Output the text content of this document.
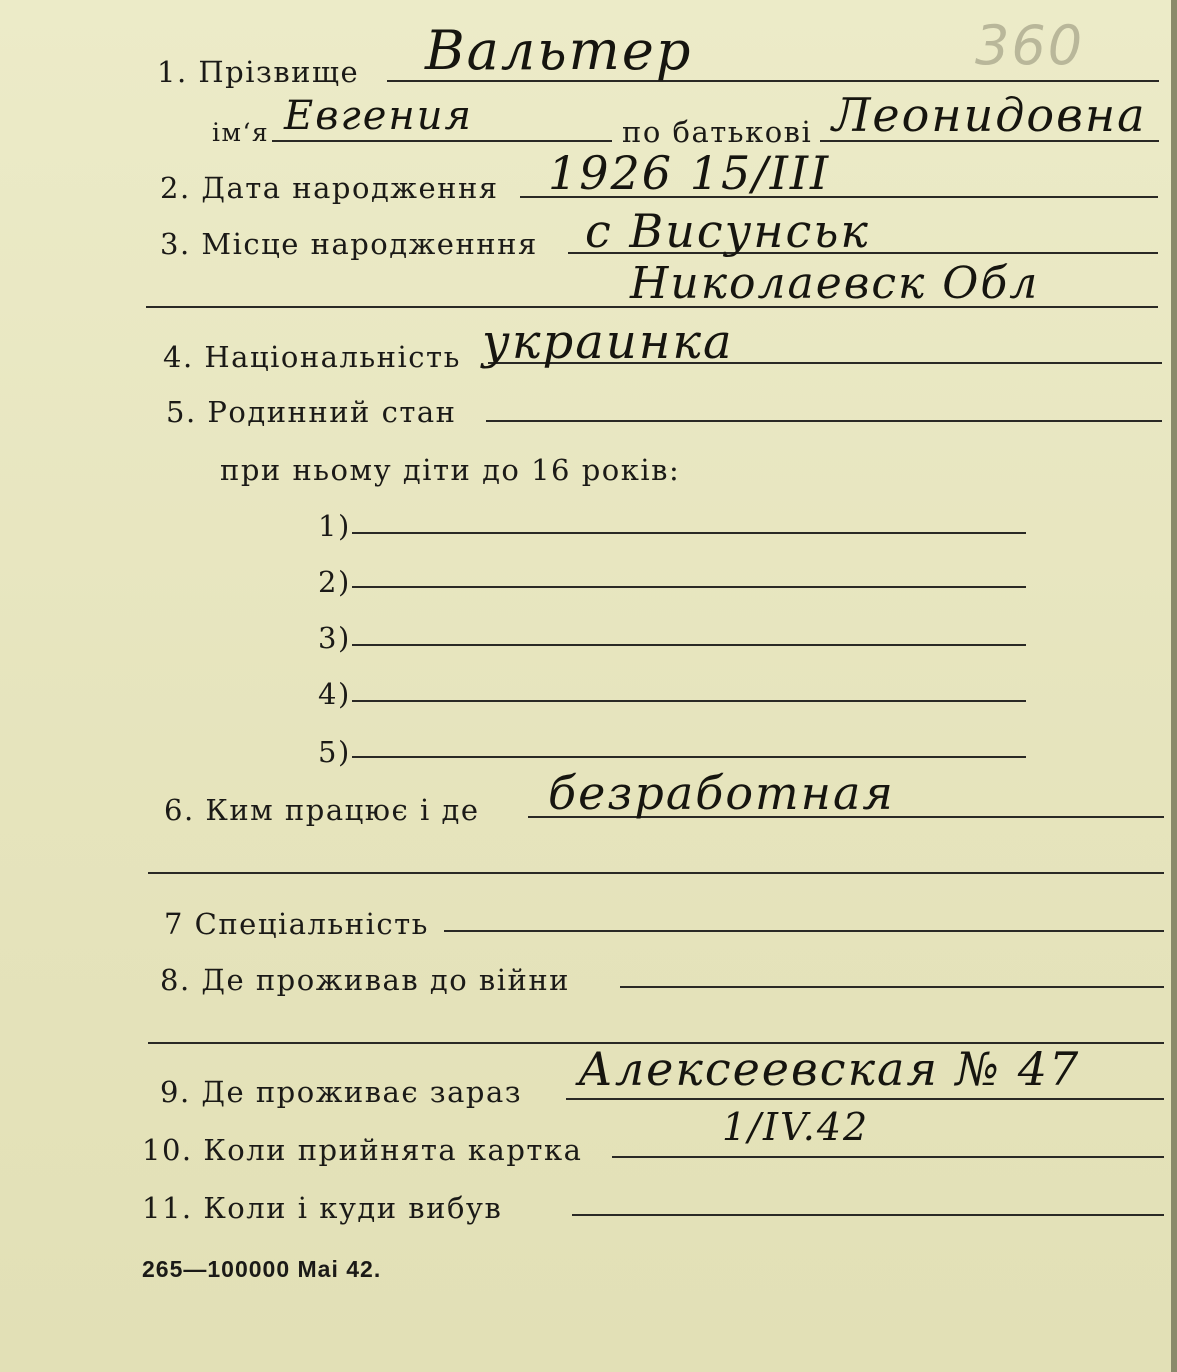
360
1. Прізвище Вальтер
ім‘я Евгения	по батькові Леонидовна
2. Дата народження 1926 15/III
3. Місце народженння с Висунськ
Николаевск Обл
4. Національність украинка
5. Родинний стан
при ньому діти до 16 років:
1)
2)
3)
4)
5)
6. Ким працює і де безработная
7 Спеціальність
8. Де проживав до війни
9. Де проживає зараз Алексеевская № 47
10. Коли прийнята картка
1/IV.42
11. Коли і куди вибув
265—100000 Mai 42.
